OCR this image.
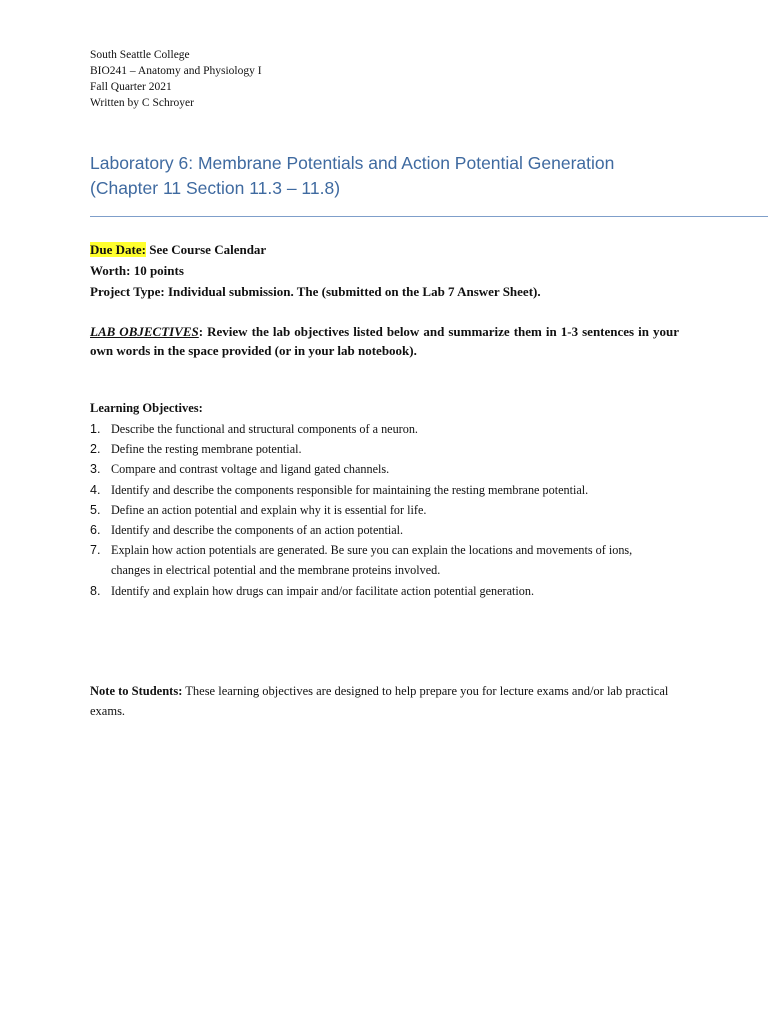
South Seattle College
BIO241 – Anatomy and Physiology I
Fall Quarter 2021
Written by C Schroyer
Laboratory 6: Membrane Potentials and Action Potential Generation
(Chapter 11 Section 11.3 – 11.8)
Due Date: See Course Calendar
Worth: 10 points
Project Type: Individual submission. The (submitted on the Lab 7 Answer Sheet).
LAB OBJECTIVES: Review the lab objectives listed below and summarize them in 1-3 sentences in your own words in the space provided (or in your lab notebook).
Learning Objectives:
1. Describe the functional and structural components of a neuron.
2. Define the resting membrane potential.
3. Compare and contrast voltage and ligand gated channels.
4. Identify and describe the components responsible for maintaining the resting membrane potential.
5. Define an action potential and explain why it is essential for life.
6. Identify and describe the components of an action potential.
7. Explain how action potentials are generated. Be sure you can explain the locations and movements of ions, changes in electrical potential and the membrane proteins involved.
8. Identify and explain how drugs can impair and/or facilitate action potential generation.
Note to Students: These learning objectives are designed to help prepare you for lecture exams and/or lab practical exams.
